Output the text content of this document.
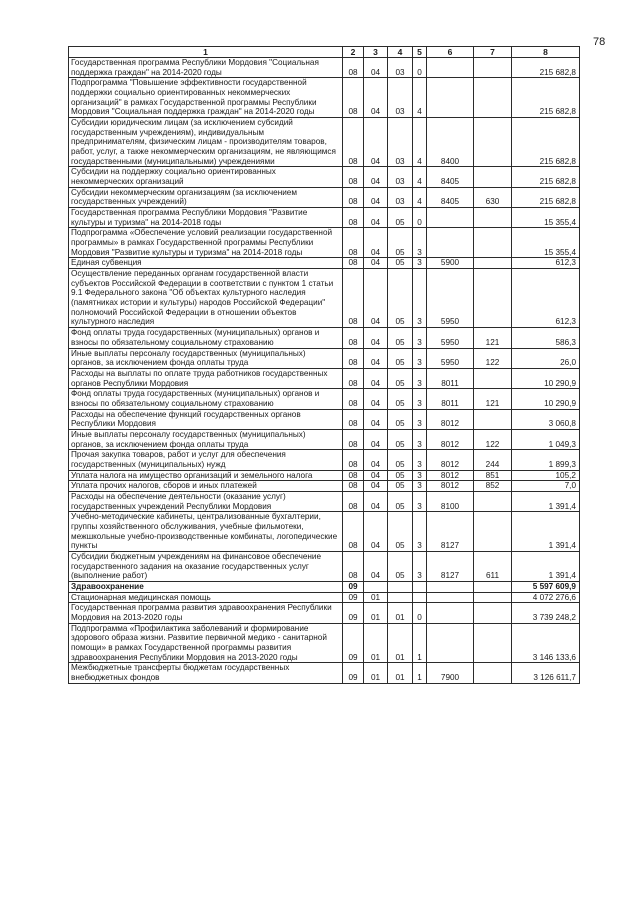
78
1	2	3	4	5	6	7	8
Государственная программа Республики Мордовия "Социальная поддержка граждан" на 2014-2020 годы	08	04	03	0			215 682,8
Подпрограмма "Повышение эффективности государственной поддержки социально ориентированных некоммерческих организаций" в рамках Государственной программы Республики Мордовия "Социальная поддержка граждан" на 2014-2020 годы	08	04	03	4			215 682,8
Субсидии юридическим лицам (за исключением субсидий государственным учреждениям), индивидуальным предпринимателям, физическим лицам - производителям товаров, работ, услуг, а также некоммерческим организациям, не являющимся государственными (муниципальными) учреждениями	08	04	03	4	8400		215 682,8
Субсидии на поддержку социально ориентированных некоммерческих организаций	08	04	03	4	8405		215 682,8
Субсидии некоммерческим организациям (за исключением государственных учреждений)	08	04	03	4	8405	630	215 682,8
Государственная программа Республики Мордовия "Развитие культуры и туризма" на 2014-2018 годы	08	04	05	0			15 355,4
Подпрограмма «Обеспечение условий реализации государственной программы» в рамках Государственной программы Республики Мордовия "Развитие культуры и туризма" на 2014-2018 годы	08	04	05	3			15 355,4
Единая субвенция	08	04	05	3	5900		612,3
Осуществление переданных органам государственной власти субъектов Российской Федерации в соответствии с пунктом 1 статьи 9.1 Федерального закона "Об объектах культурного наследия (памятниках истории и культуры) народов Российской Федерации" полномочий Российской Федерации в отношении объектов культурного наследия	08	04	05	3	5950		612,3
Фонд оплаты труда государственных (муниципальных) органов и взносы по обязательному социальному страхованию	08	04	05	3	5950	121	586,3
Иные выплаты персоналу государственных (муниципальных) органов, за исключением фонда оплаты труда	08	04	05	3	5950	122	26,0
Расходы на выплаты по оплате труда работников государственных органов Республики Мордовия	08	04	05	3	8011		10 290,9
Фонд оплаты труда государственных (муниципальных) органов и взносы по обязательному социальному страхованию	08	04	05	3	8011	121	10 290,9
Расходы на обеспечение функций государственных органов Республики Мордовия	08	04	05	3	8012		3 060,8
Иные выплаты персоналу государственных (муниципальных) органов, за исключением фонда оплаты труда	08	04	05	3	8012	122	1 049,3
Прочая закупка товаров, работ и услуг для обеспечения государственных (муниципальных) нужд	08	04	05	3	8012	244	1 899,3
Уплата налога на имущество организаций и земельного налога	08	04	05	3	8012	851	105,2
Уплата прочих налогов, сборов и иных платежей	08	04	05	3	8012	852	7,0
Расходы на обеспечение деятельности (оказание услуг) государственных учреждений Республики Мордовия	08	04	05	3	8100		1 391,4
Учебно-методические кабинеты, централизованные бухгалтерии, группы хозяйственного обслуживания, учебные фильмотеки, межшкольные учебно-производственные комбинаты, логопедические пункты	08	04	05	3	8127		1 391,4
Субсидии бюджетным учреждениям на финансовое обеспечение государственного задания на оказание государственных услуг (выполнение работ)	08	04	05	3	8127	611	1 391,4
Здравоохранение	09						5 597 609,9
Стационарная медицинская помощь	09	01					4 072 276,6
Государственная программа развития здравоохранения Республики Мордовия на 2013-2020 годы	09	01	01	0			3 739 248,2
Подпрограмма «Профилактика заболеваний и формирование здорового образа жизни. Развитие первичной медико - санитарной помощи» в рамках Государственной программы развития здравоохранения Республики Мордовия на 2013-2020 годы	09	01	01	1			3 146 133,6
Межбюджетные трансферты бюджетам государственных внебюджетных фондов	09	01	01	1	7900		3 126 611,7
